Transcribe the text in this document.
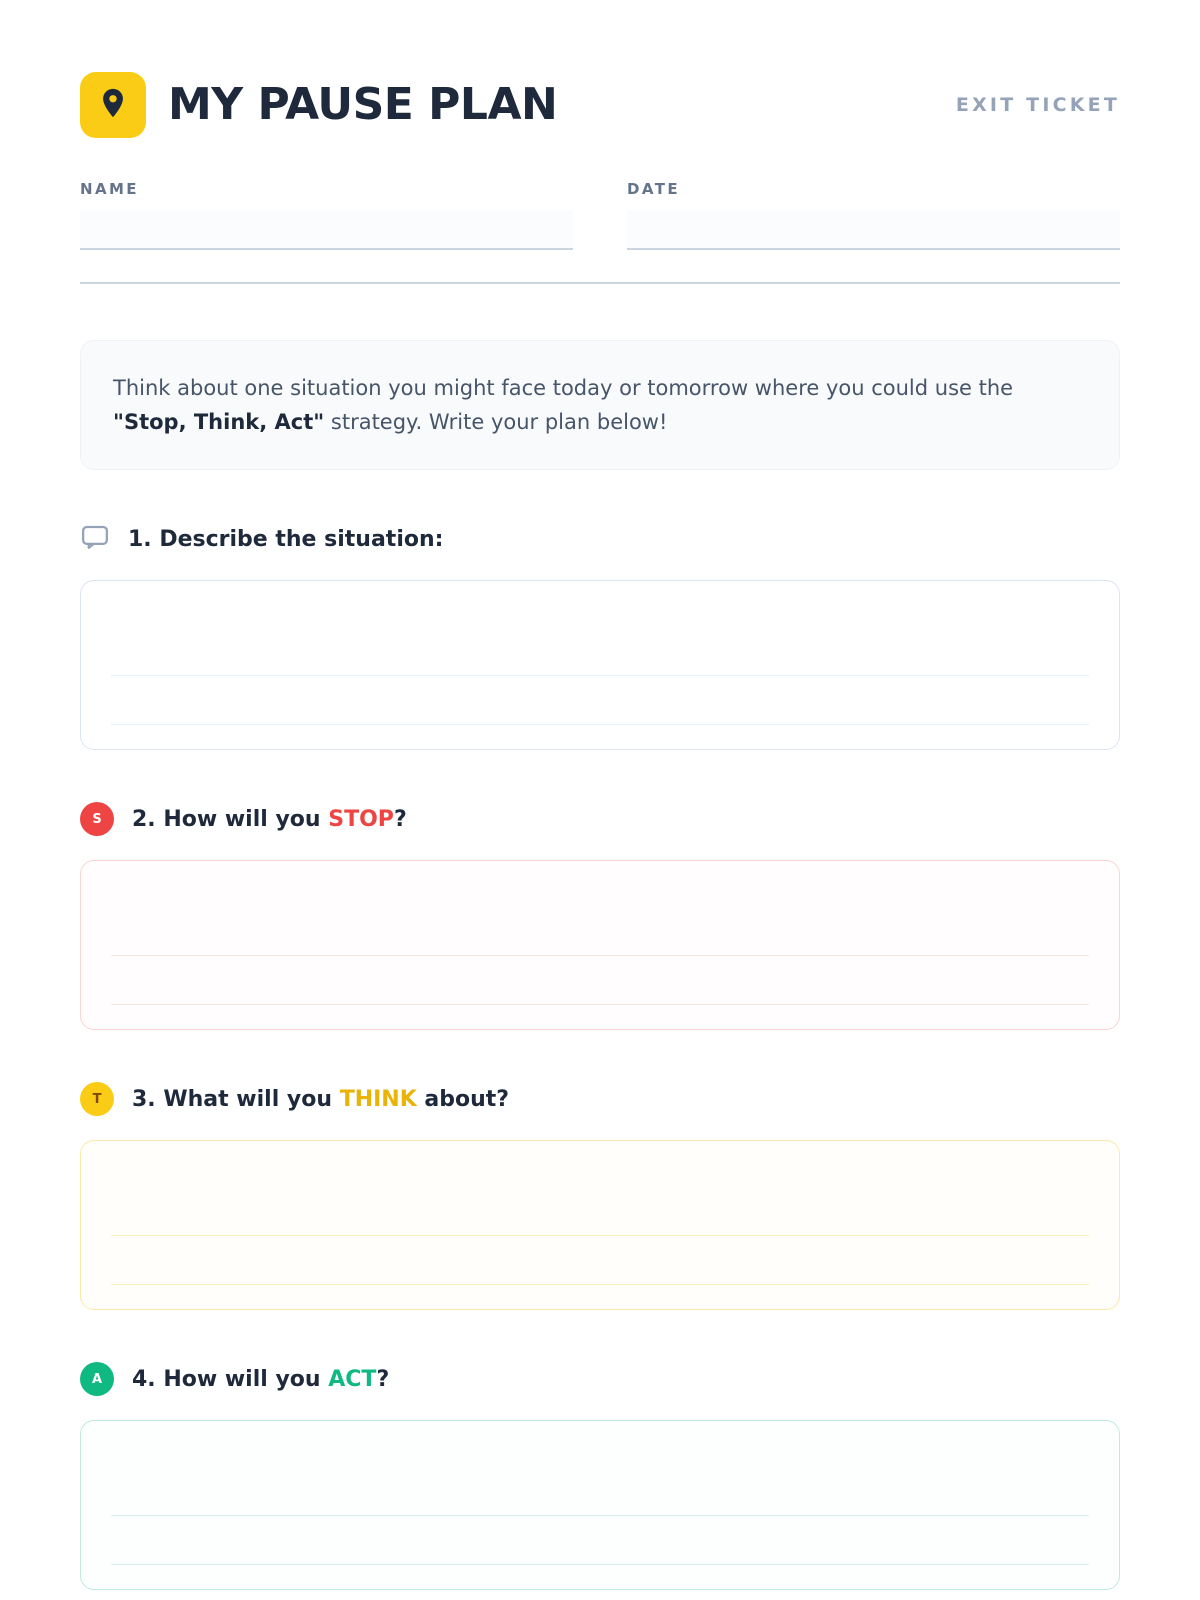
MY PAUSE PLAN	EXIT TICKET
NAME	DATE
Think about one situation you might face today or tomorrow where you could use the "Stop, Think, Act" strategy. Write your plan below!
1. Describe the situation:
S	2. How will you STOP?
T	3. What will you THINK about?
A	4. How will you ACT?
